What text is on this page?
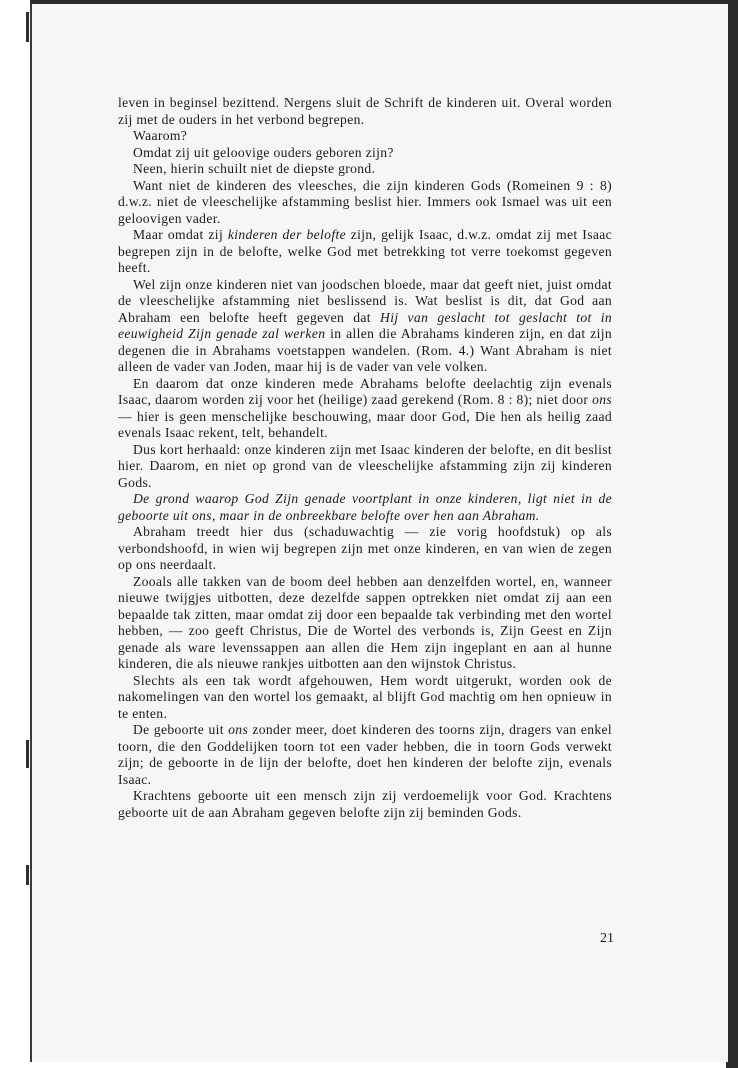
leven in beginsel bezittend. Nergens sluit de Schrift de kinderen uit. Overal worden zij met de ouders in het verbond begrepen.

Waarom?

Omdat zij uit geloovige ouders geboren zijn?

Neen, hierin schuilt niet de diepste grond.

Want niet de kinderen des vleesches, die zijn kinderen Gods (Romeinen 9 : 8) d.w.z. niet de vleeschelijke afstamming beslist hier. Immers ook Ismael was uit een geloovigen vader.

Maar omdat zij kinderen der belofte zijn, gelijk Isaac, d.w.z. omdat zij met Isaac begrepen zijn in de belofte, welke God met betrekking tot verre toekomst gegeven heeft.

Wel zijn onze kinderen niet van joodschen bloede, maar dat geeft niet, juist omdat de vleeschelijke afstamming niet beslissend is. Wat beslist is dit, dat God aan Abraham een belofte heeft gegeven dat Hij van geslacht tot geslacht tot in eeuwigheid Zijn genade zal werken in allen die Abrahams kinderen zijn, en dat zijn degenen die in Abrahams voetstappen wandelen. (Rom. 4.) Want Abraham is niet alleen de vader van Joden, maar hij is de vader van vele volken.

En daarom dat onze kinderen mede Abrahams belofte deelachtig zijn evenals Isaac, daarom worden zij voor het (heilige) zaad gerekend (Rom. 8 : 8); niet door ons — hier is geen menschelijke beschouwing, maar door God, Die hen als heilig zaad evenals Isaac rekent, telt, behandelt.

Dus kort herhaald: onze kinderen zijn met Isaac kinderen der belofte, en dit beslist hier. Daarom, en niet op grond van de vleeschelijke afstamming zijn zij kinderen Gods.

De grond waarop God Zijn genade voortplant in onze kinderen, ligt niet in de geboorte uit ons, maar in de onbreekbare belofte over hen aan Abraham.

Abraham treedt hier dus (schaduwachtig — zie vorig hoofdstuk) op als verbondshoofd, in wien wij begrepen zijn met onze kinderen, en van wien de zegen op ons neerdaalt.

Zooals alle takken van de boom deel hebben aan denzelfden wortel, en, wanneer nieuwe twijgjes uitbotten, deze dezelfde sappen optrekken niet omdat zij aan een bepaalde tak zitten, maar omdat zij door een bepaalde tak verbinding met den wortel hebben, — zoo geeft Christus, Die de Wortel des verbonds is, Zijn Geest en Zijn genade als ware levenssappen aan allen die Hem zijn ingeplant en aan al hunne kinderen, die als nieuwe rankjes uitbotten aan den wijnstok Christus.

Slechts als een tak wordt afgehouwen, Hem wordt uitgerukt, worden ook de nakomelingen van den wortel los gemaakt, al blijft God machtig om hen opnieuw in te enten.

De geboorte uit ons zonder meer, doet kinderen des toorns zijn, dragers van enkel toorn, die den Goddelijken toorn tot een vader hebben, die in toorn Gods verwekt zijn; de geboorte in de lijn der belofte, doet hen kinderen der belofte zijn, evenals Isaac.

Krachtens geboorte uit een mensch zijn zij verdoemelijk voor God. Krachtens geboorte uit de aan Abraham gegeven belofte zijn zij beminden Gods.

21
